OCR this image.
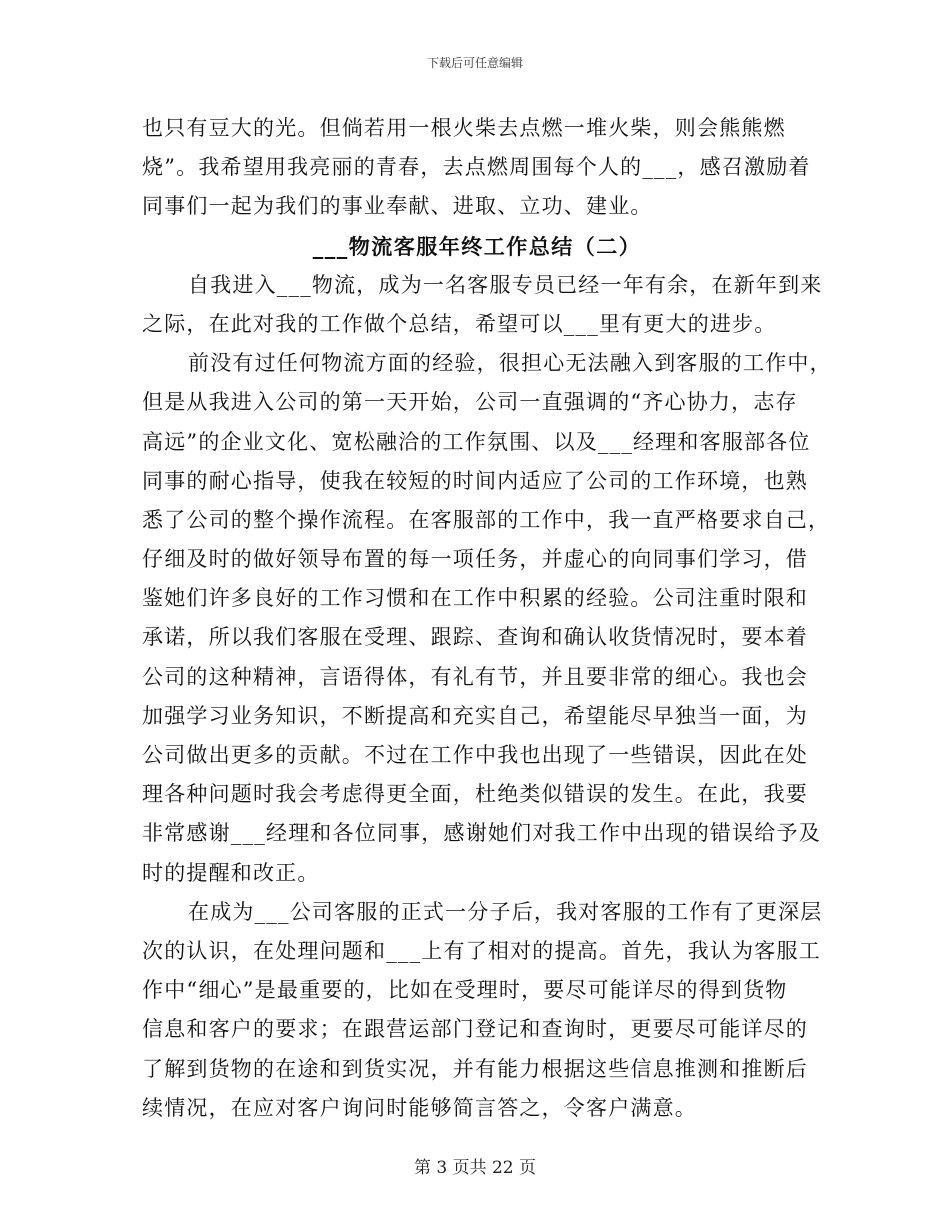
下载后可任意编辑
也只有豆大的光。但倘若用一根火柴去点燃一堆火柴，则会熊熊燃
烧”。我希望用我亮丽的青春，去点燃周围每个人的___，感召激励着
同事们一起为我们的事业奉献、进取、立功、建业。
___物流客服年终工作总结（二）
自我进入___物流，成为一名客服专员已经一年有余，在新年到来
之际，在此对我的工作做个总结，希望可以___里有更大的进步。
前没有过任何物流方面的经验，很担心无法融入到客服的工作中，
但是从我进入公司的第一天开始，公司一直强调的“齐心协力，志存
高远”的企业文化、宽松融洽的工作氛围、以及___经理和客服部各位
同事的耐心指导，使我在较短的时间内适应了公司的工作环境，也熟
悉了公司的整个操作流程。在客服部的工作中，我一直严格要求自己，
仔细及时的做好领导布置的每一项任务，并虚心的向同事们学习，借
鉴她们许多良好的工作习惯和在工作中积累的经验。公司注重时限和
承诺，所以我们客服在受理、跟踪、查询和确认收货情况时，要本着
公司的这种精神，言语得体，有礼有节，并且要非常的细心。我也会
加强学习业务知识，不断提高和充实自己，希望能尽早独当一面，为
公司做出更多的贡献。不过在工作中我也出现了一些错误，因此在处
理各种问题时我会考虑得更全面，杜绝类似错误的发生。在此，我要
非常感谢___经理和各位同事，感谢她们对我工作中出现的错误给予及
时的提醒和改正。
在成为___公司客服的正式一分子后，我对客服的工作有了更深层
次的认识，在处理问题和___上有了相对的提高。首先，我认为客服工
作中“细心”是最重要的，比如在受理时，要尽可能详尽的得到货物
信息和客户的要求；在跟营运部门登记和查询时，更要尽可能详尽的
了解到货物的在途和到货实况，并有能力根据这些信息推测和推断后
续情况，在应对客户询问时能够简言答之，令客户满意。
第 3 页共 22 页
